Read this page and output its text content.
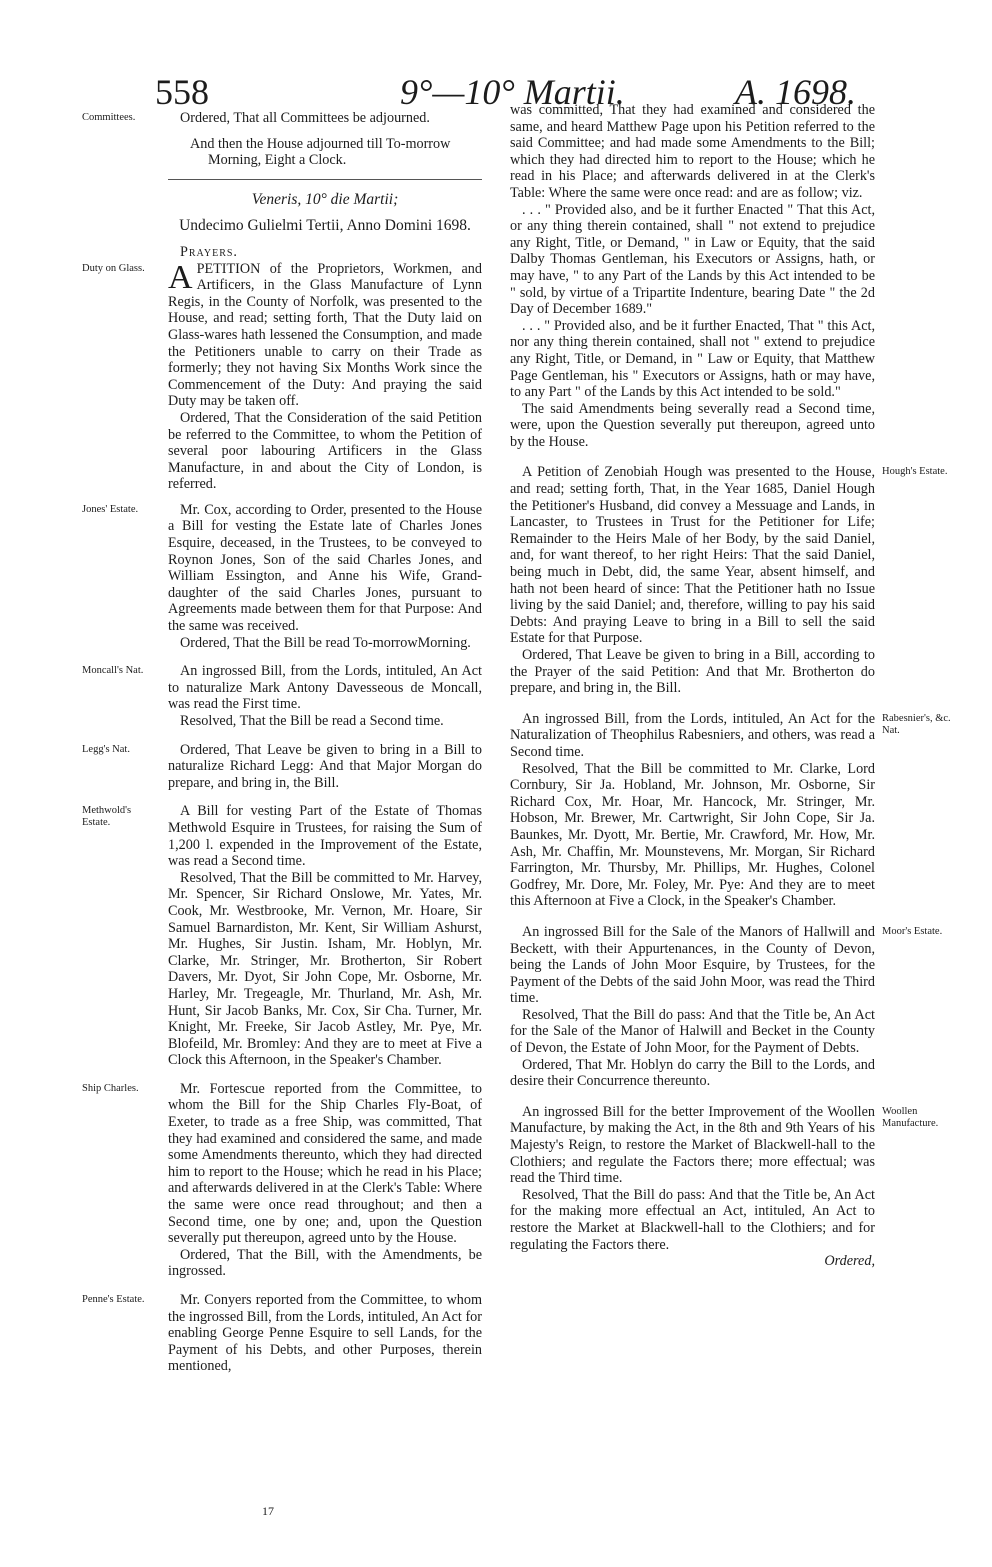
558	9°—10° Martii.	A. 1698.
Committees.	Ordered, That all Committees be adjourned.

And then the House adjourned till To-morrow Morning, Eight a Clock.

Veneris, 10° die Martii;

Undecimo Gulielmi Tertii, Anno Domini 1698.

Prayers.

Duty on Glass. APETITION of the Proprietors, Workmen, and Artificers, in the Glass Manufacture of Lynn Regis, in the County of Norfolk, was presented to the House, and read; setting forth, That the Duty laid on Glass-wares hath lessened the Consumption, and made the Petitioners unable to carry on their Trade as formerly; they not having Six Months Work since the Commencement of the Duty: And praying the said Duty may be taken off.

Ordered, That the Consideration of the said Petition be referred to the Committee, to whom the Petition of several poor labouring Artificers in the Glass Manufacture, in and about the City of London, is referred.

Jones' Estate.	Mr. Cox, according to Order, presented to the House a Bill for vesting the Estate late of Charles Jones Esquire, deceased, in the Trustees, to be conveyed to Roynon Jones, Son of the said Charles Jones, and William Essington, and Anne his Wife, Grand-daughter of the said Charles Jones, pursuant to Agreements made between them for that Purpose: And the same was received.

Ordered, That the Bill be read To-morrowMorning.

Moncall's Nat.	An ingrossed Bill, from the Lords, intituled, An Act to naturalize Mark Antony Davesseous de Moncall, was read the First time.

Resolved, That the Bill be read a Second time.

Legg's Nat.	Ordered, That Leave be given to bring in a Bill to naturalize Richard Legg: And that Major Morgan do prepare, and bring in, the Bill.

Methwold's Estate.

A Bill for vesting Part of the Estate of Thomas Methwold Esquire in Trustees, for raising the Sum of 1,200 l. expended in the Improvement of the Estate, was read a Second time.

Resolved, That the Bill be committed to Mr. Harvey, Mr. Spencer, Sir Richard Onslowe, Mr. Yates, Mr. Cook, Mr. Westbrooke, Mr. Vernon, Mr. Hoare, Sir Samuel Barnardiston, Mr. Kent, Sir William Ashurst, Mr. Hughes, Sir Justin. Isham, Mr. Hoblyn, Mr. Clarke, Mr. Stringer, Mr. Brotherton, Sir Robert Davers, Mr. Dyot, Sir John Cope, Mr. Osborne, Mr. Harley, Mr. Tregeagle, Mr. Thurland, Mr. Ash, Mr. Hunt, Sir Jacob Banks, Mr. Cox, Sir Cha. Turner, Mr. Knight, Mr. Freeke, Sir Jacob Astley, Mr. Pye, Mr. Blofeild, Mr. Bromley: And they are to meet at Five a Clock this Afternoon, in the Speaker's Chamber.

Ship Charles.	Mr. Fortescue reported from the Committee, to whom the Bill for the Ship Charles Fly-Boat, of Exeter, to trade as a free Ship, was committed, That they had examined and considered the same, and made some Amendments thereunto, which they had directed him to report to the House; which he read in his Place; and afterwards delivered in at the Clerk's Table: Where the same were once read throughout; and then a Second time, one by one; and, upon the Question severally put thereupon, agreed unto by the House.

Ordered, That the Bill, with the Amendments, be ingrossed.

Penne's Estate.	Mr. Conyers reported from the Committee, to whom the ingrossed Bill, from the Lords, intituled, An Act for enabling George Penne Esquire to sell Lands, for the Payment of his Debts, and other Purposes, therein mentioned,

17

was committed, That they had examined and considered the same, and heard Matthew Page upon his Petition referred to the said Committee; and had made some Amendments to the Bill; which they had directed him to report to the House; which he read in his Place; and afterwards delivered in at the Clerk's Table: Where the same were once read: and are as follow; viz.

. . . " Provided also, and be it further Enacted " That this Act, or any thing therein contained, shall " not extend to prejudice any Right, Title, or Demand, " in Law or Equity, that the said Dalby Thomas Gentleman, his Executors or Assigns, hath, or may have, " to any Part of the Lands by this Act intended to be " sold, by virtue of a Tripartite Indenture, bearing Date " the 2d Day of December 1689."

. . . " Provided also, and be it further Enacted, That " this Act, nor any thing therein contained, shall not " extend to prejudice any Right, Title, or Demand, in " Law or Equity, that Matthew Page Gentleman, his " Executors or Assigns, hath or may have, to any Part " of the Lands by this Act intended to be sold."

The said Amendments being severally read a Second time, were, upon the Question severally put thereupon, agreed unto by the House.

Hough's Estate.

A Petition of Zenobiah Hough was presented to the House, and read; setting forth, That, in the Year 1685, Daniel Hough the Petitioner's Husband, did convey a Messuage and Lands, in Lancaster, to Trustees in Trust for the Petitioner for Life; Remainder to the Heirs Male of her Body, by the said Daniel, and, for want thereof, to her right Heirs: That the said Daniel, being much in Debt, did, the same Year, absent himself, and hath not been heard of since: That the Petitioner hath no Issue living by the said Daniel; and, therefore, willing to pay his said Debts: And praying Leave to bring in a Bill to sell the said Estate for that Purpose.

Ordered, That Leave be given to bring in a Bill, according to the Prayer of the said Petition: And that Mr. Brotherton do prepare, and bring in, the Bill.

Rabesnier's, &c. Nat.

An ingrossed Bill, from the Lords, intituled, An Act for the Naturalization of Theophilus Rabesniers, and others, was read a Second time.

Resolved, That the Bill be committed to Mr. Clarke, Lord Cornbury, Sir Ja. Hobland, Mr. Johnson, Mr. Osborne, Sir Richard Cox, Mr. Hoar, Mr. Hancock, Mr. Stringer, Mr. Hobson, Mr. Brewer, Mr. Cartwright, Sir John Cope, Sir Ja. Baunkes, Mr. Dyott, Mr. Bertie, Mr. Crawford, Mr. How, Mr. Ash, Mr. Chaffin, Mr. Mounstevens, Mr. Morgan, Sir Richard Farrington, Mr. Thursby, Mr. Phillips, Mr. Hughes, Colonel Godfrey, Mr. Dore, Mr. Foley, Mr. Pye: And they are to meet this Afternoon at Five a Clock, in the Speaker's Chamber.

Moor's Estate.

An ingrossed Bill for the Sale of the Manors of Hallwill and Beckett, with their Appurtenances, in the County of Devon, being the Lands of John Moor Esquire, by Trustees, for the Payment of the Debts of the said John Moor, was read the Third time.

Resolved, That the Bill do pass: And that the Title be, An Act for the Sale of the Manor of Halwill and Becket in the County of Devon, the Estate of John Moor, for the Payment of Debts.

Ordered, That Mr. Hoblyn do carry the Bill to the Lords, and desire their Concurrence thereunto.

Woollen Manufacture.

An ingrossed Bill for the better Improvement of the Woollen Manufacture, by making the Act, in the 8th and 9th Years of his Majesty's Reign, to restore the Market of Blackwell-hall to the Clothiers; and regulate the Factors there; more effectual; was read the Third time.

Resolved, That the Bill do pass: And that the Title be, An Act for the making more effectual an Act, intituled, An Act to restore the Market at Blackwell-hall to the Clothiers; and for regulating the Factors there.

Ordered,
